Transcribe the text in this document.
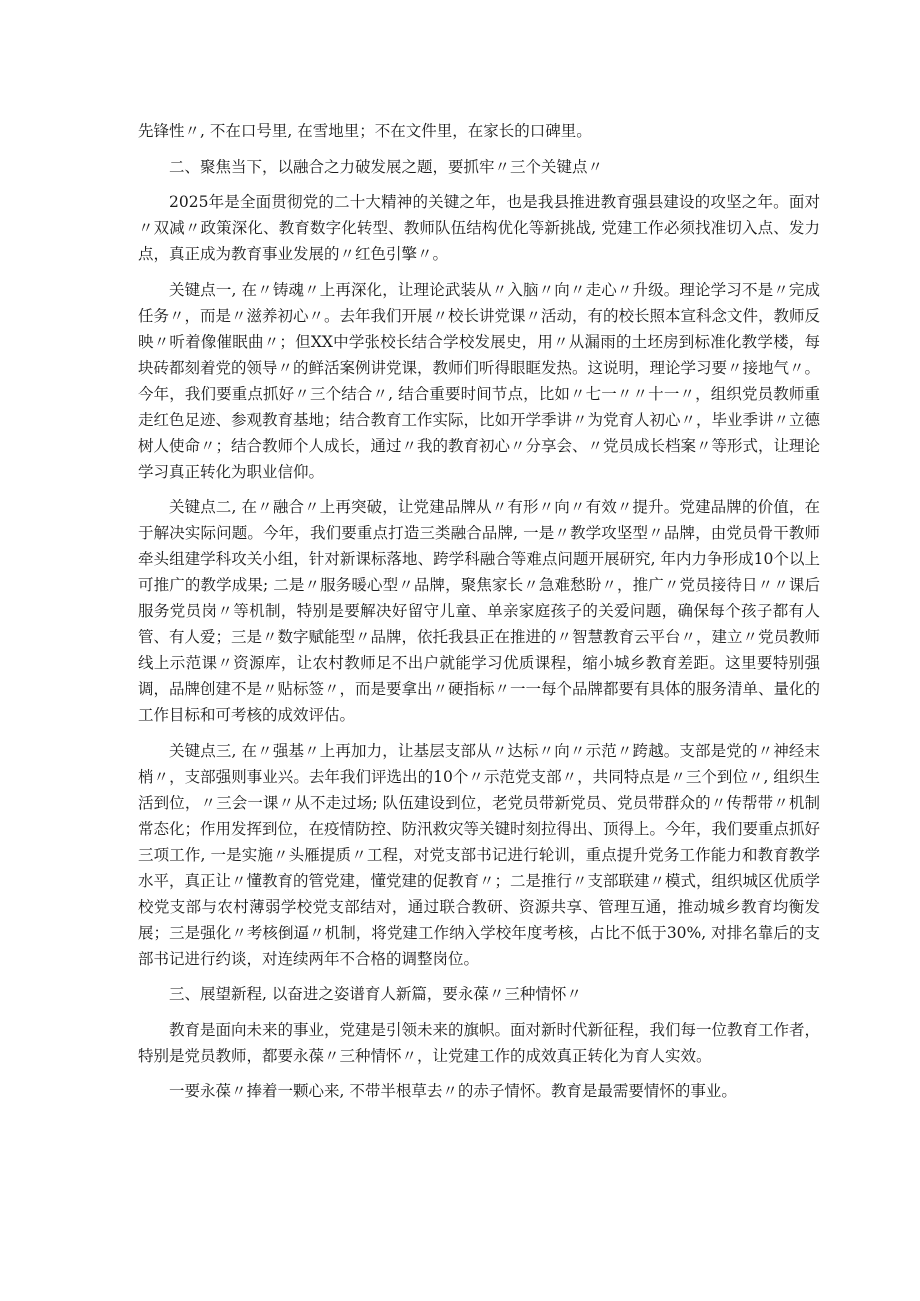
先锋性〃, 不在口号里, 在雪地里；不在文件里，在家长的口碑里。

二、聚焦当下，以融合之力破发展之题，要抓牢〃三个关键点〃

2025年是全面贯彻党的二十大精神的关键之年，也是我县推进教育强县建设的攻坚之年。面对〃双减〃政策深化、教育数字化转型、教师队伍结构优化等新挑战, 党建工作必须找准切入点、发力点，真正成为教育事业发展的〃红色引擎〃。

关键点一, 在〃铸魂〃上再深化，让理论武装从〃入脑〃向〃走心〃升级。理论学习不是〃完成任务〃，而是〃滋养初心〃。去年我们开展〃校长讲党课〃活动，有的校长照本宣科念文件，教师反映〃听着像催眠曲〃；但XX中学张校长结合学校发展史，用〃从漏雨的土坯房到标准化教学楼，每块砖都刻着党的领导〃的鲜活案例讲党课，教师们听得眼眶发热。这说明，理论学习要〃接地气〃。今年，我们要重点抓好〃三个结合〃, 结合重要时间节点，比如〃七一〃〃十一〃，组织党员教师重走红色足迹、参观教育基地；结合教育工作实际，比如开学季讲〃为党育人初心〃，毕业季讲〃立德树人使命〃；结合教师个人成长，通过〃我的教育初心〃分享会、〃党员成长档案〃等形式，让理论学习真正转化为职业信仰。

关键点二, 在〃融合〃上再突破，让党建品牌从〃有形〃向〃有效〃提升。党建品牌的价值，在于解决实际问题。今年，我们要重点打造三类融合品牌, 一是〃教学攻坚型〃品牌，由党员骨干教师牵头组建学科攻关小组，针对新课标落地、跨学科融合等难点问题开展研究, 年内力争形成10个以上可推广的教学成果; 二是〃服务暖心型〃品牌，聚焦家长〃急难愁盼〃，推广〃党员接待日〃〃课后服务党员岗〃等机制，特别是要解决好留守儿童、单亲家庭孩子的关爱问题，确保每个孩子都有人管、有人爱；三是〃数字赋能型〃品牌，依托我县正在推进的〃智慧教育云平台〃，建立〃党员教师线上示范课〃资源库，让农村教师足不出户就能学习优质课程，缩小城乡教育差距。这里要特别强调，品牌创建不是〃贴标签〃，而是要拿出〃硬指标〃一一每个品牌都要有具体的服务清单、量化的工作目标和可考核的成效评估。

关键点三, 在〃强基〃上再加力，让基层支部从〃达标〃向〃示范〃跨越。支部是党的〃神经末梢〃，支部强则事业兴。去年我们评选出的10个〃示范党支部〃，共同特点是〃三个到位〃, 组织生活到位，〃三会一课〃从不走过场; 队伍建设到位，老党员带新党员、党员带群众的〃传帮带〃机制常态化；作用发挥到位，在疫情防控、防汛救灾等关键时刻拉得出、顶得上。今年，我们要重点抓好三项工作, 一是实施〃头雁提质〃工程，对党支部书记进行轮训，重点提升党务工作能力和教育教学水平，真正让〃懂教育的管党建，懂党建的促教育〃；二是推行〃支部联建〃模式，组织城区优质学校党支部与农村薄弱学校党支部结对，通过联合教研、资源共享、管理互通，推动城乡教育均衡发展；三是强化〃考核倒逼〃机制，将党建工作纳入学校年度考核，占比不低于30%, 对排名靠后的支部书记进行约谈，对连续两年不合格的调整岗位。

三、展望新程, 以奋进之姿谱育人新篇，要永葆〃三种情怀〃

教育是面向未来的事业，党建是引领未来的旗帜。面对新时代新征程，我们每一位教育工作者，特别是党员教师，都要永葆〃三种情怀〃，让党建工作的成效真正转化为育人实效。

一要永葆〃捧着一颗心来, 不带半根草去〃的赤子情怀。教育是最需要情怀的事业。
